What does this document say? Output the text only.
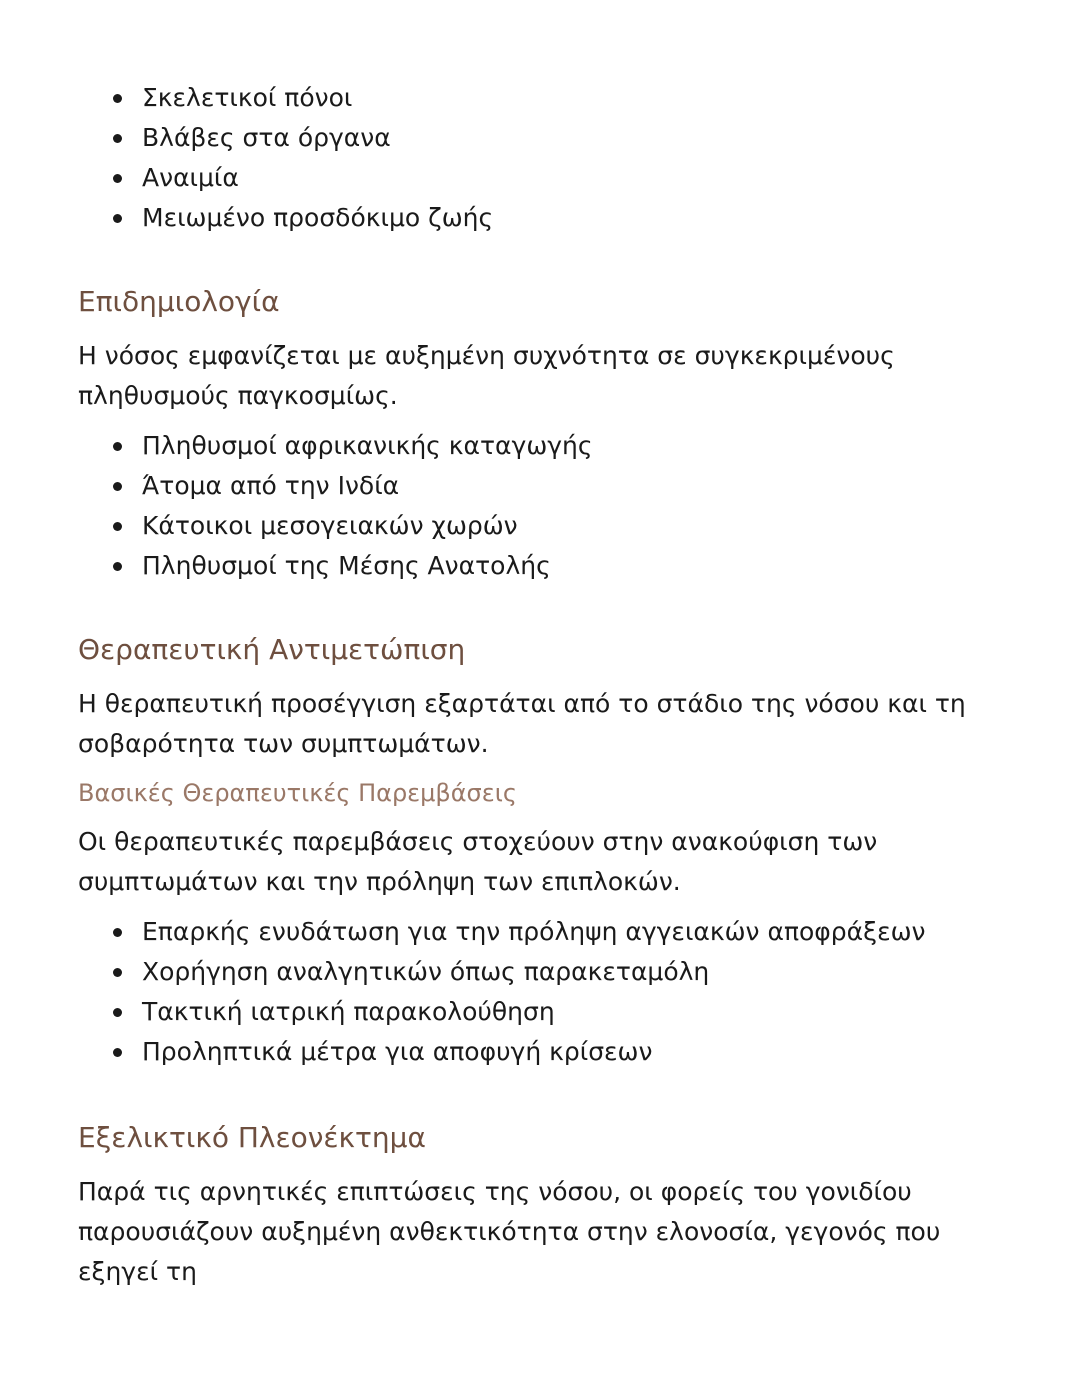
Σκελετικοί πόνοι
Βλάβες στα όργανα
Αναιμία
Μειωμένο προσδόκιμο ζωής
Επιδημιολογία

Η νόσος εμφανίζεται με αυξημένη συχνότητα σε συγκεκριμένους πληθυσμούς παγκοσμίως.

Πληθυσμοί αφρικανικής καταγωγής
Άτομα από την Ινδία
Κάτοικοι μεσογειακών χωρών
Πληθυσμοί της Μέσης Ανατολής
Θεραπευτική Αντιμετώπιση

Η θεραπευτική προσέγγιση εξαρτάται από το στάδιο της νόσου και τη σοβαρότητα των συμπτωμάτων.

Βασικές Θεραπευτικές Παρεμβάσεις

Οι θεραπευτικές παρεμβάσεις στοχεύουν στην ανακούφιση των συμπτωμάτων και την πρόληψη των επιπλοκών.

Επαρκής ενυδάτωση για την πρόληψη αγγειακών αποφράξεων
Χορήγηση αναλγητικών όπως παρακεταμόλη
Τακτική ιατρική παρακολούθηση
Προληπτικά μέτρα για αποφυγή κρίσεων
Εξελικτικό Πλεονέκτημα

Παρά τις αρνητικές επιπτώσεις της νόσου, οι φορείς του γονιδίου παρουσιάζουν αυξημένη ανθεκτικότητα στην ελονοσία, γεγονός που εξηγεί τη
